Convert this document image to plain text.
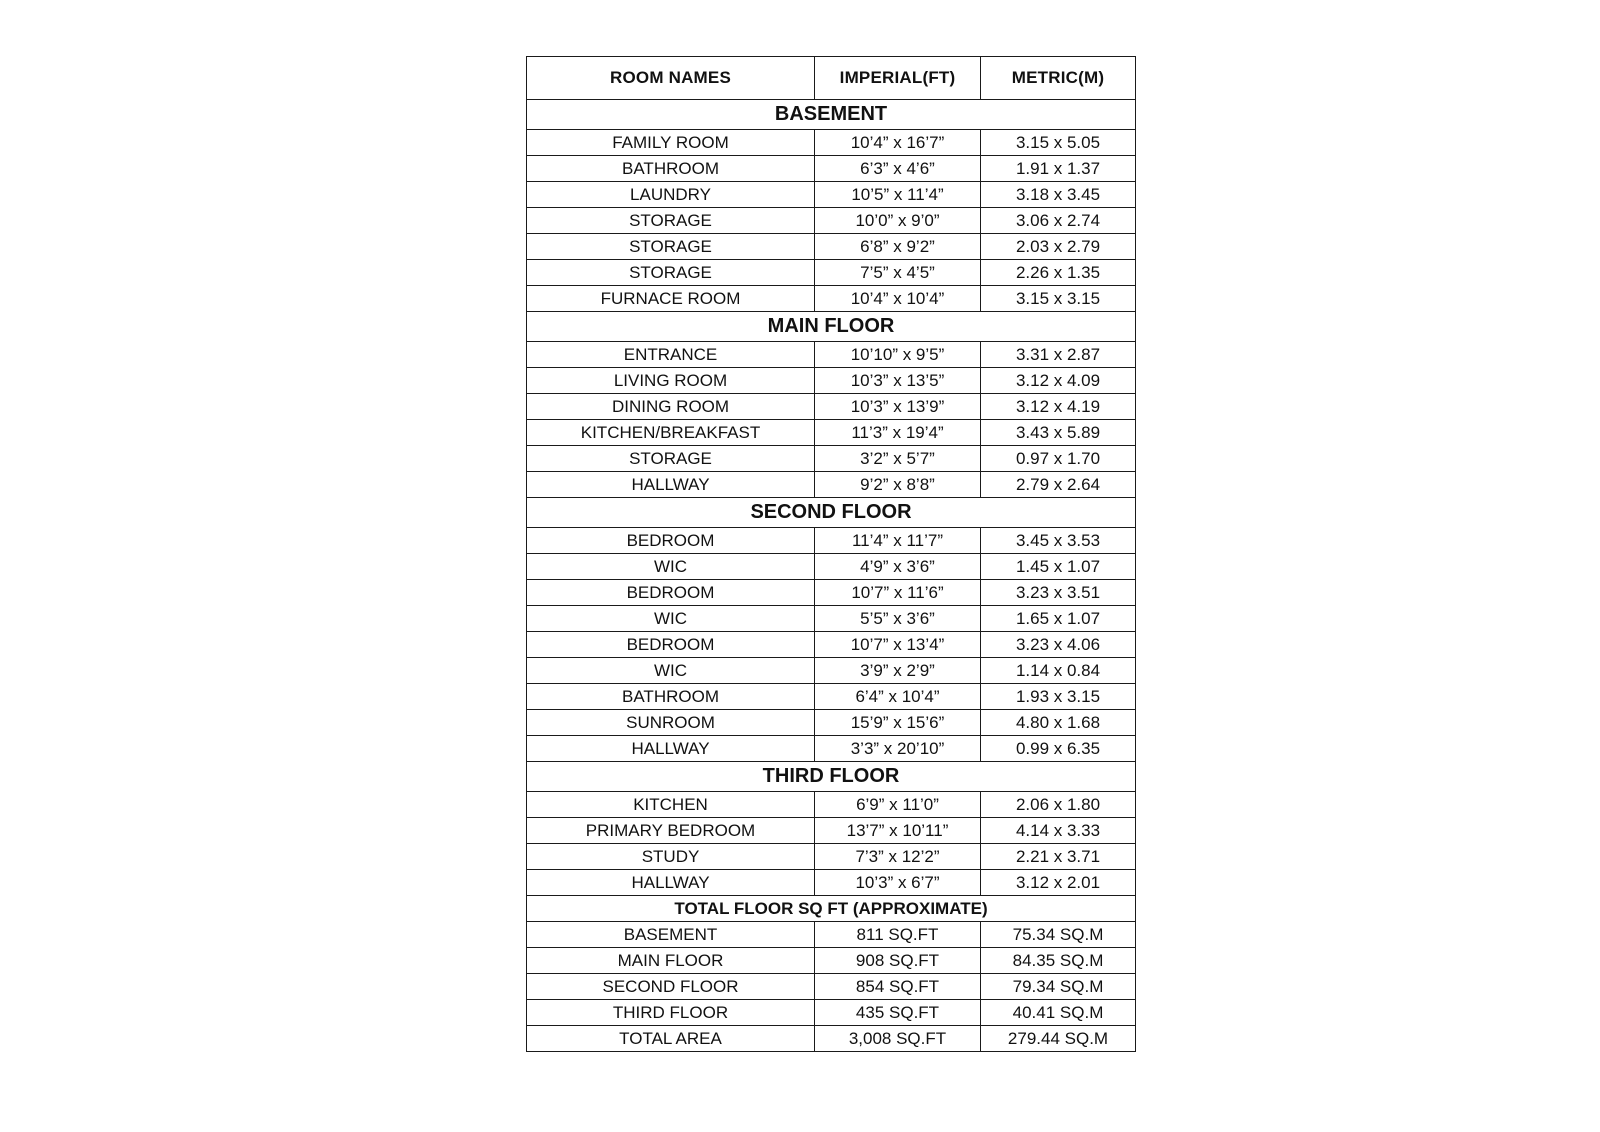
ROOM NAMES	IMPERIAL(FT)	METRIC(M)
BASEMENT		
FAMILY ROOM	10’4” x 16’7”	3.15 x 5.05
BATHROOM	6’3” x 4’6”	1.91 x 1.37
LAUNDRY	10’5” x 11’4”	3.18 x 3.45
STORAGE	10’0” x 9’0”	3.06 x 2.74
STORAGE	6’8” x 9’2”	2.03 x 2.79
STORAGE	7’5” x 4’5”	2.26 x 1.35
FURNACE ROOM	10’4” x 10’4”	3.15 x 3.15
MAIN FLOOR		
ENTRANCE	10’10” x 9’5”	3.31 x 2.87
LIVING ROOM	10’3” x 13’5”	3.12 x 4.09
DINING ROOM	10’3” x 13’9”	3.12 x 4.19
KITCHEN/BREAKFAST	11’3” x 19’4”	3.43 x 5.89
STORAGE	3’2” x 5’7”	0.97 x 1.70
HALLWAY	9’2” x 8’8”	2.79 x 2.64
SECOND FLOOR		
BEDROOM	11’4” x 11’7”	3.45 x 3.53
WIC	4’9” x 3’6”	1.45 x 1.07
BEDROOM	10’7” x 11’6”	3.23 x 3.51
WIC	5’5” x 3’6”	1.65 x 1.07
BEDROOM	10’7” x 13’4”	3.23 x 4.06
WIC	3’9” x 2’9”	1.14 x 0.84
BATHROOM	6’4” x 10’4”	1.93 x 3.15
SUNROOM	15’9” x 15’6”	4.80 x 1.68
HALLWAY	3’3” x 20’10”	0.99 x 6.35
THIRD FLOOR		
KITCHEN	6’9” x 11’0”	2.06 x 1.80
PRIMARY BEDROOM	13’7” x 10’11”	4.14 x 3.33
STUDY	7’3” x 12’2”	2.21 x 3.71
HALLWAY	10’3” x 6’7”	3.12 x 2.01
TOTAL FLOOR SQ FT (APPROXIMATE)		
BASEMENT	811 SQ.FT	75.34 SQ.M
MAIN FLOOR	908 SQ.FT	84.35 SQ.M
SECOND FLOOR	854 SQ.FT	79.34 SQ.M
THIRD FLOOR	435 SQ.FT	40.41 SQ.M
TOTAL AREA	3,008 SQ.FT	279.44 SQ.M
